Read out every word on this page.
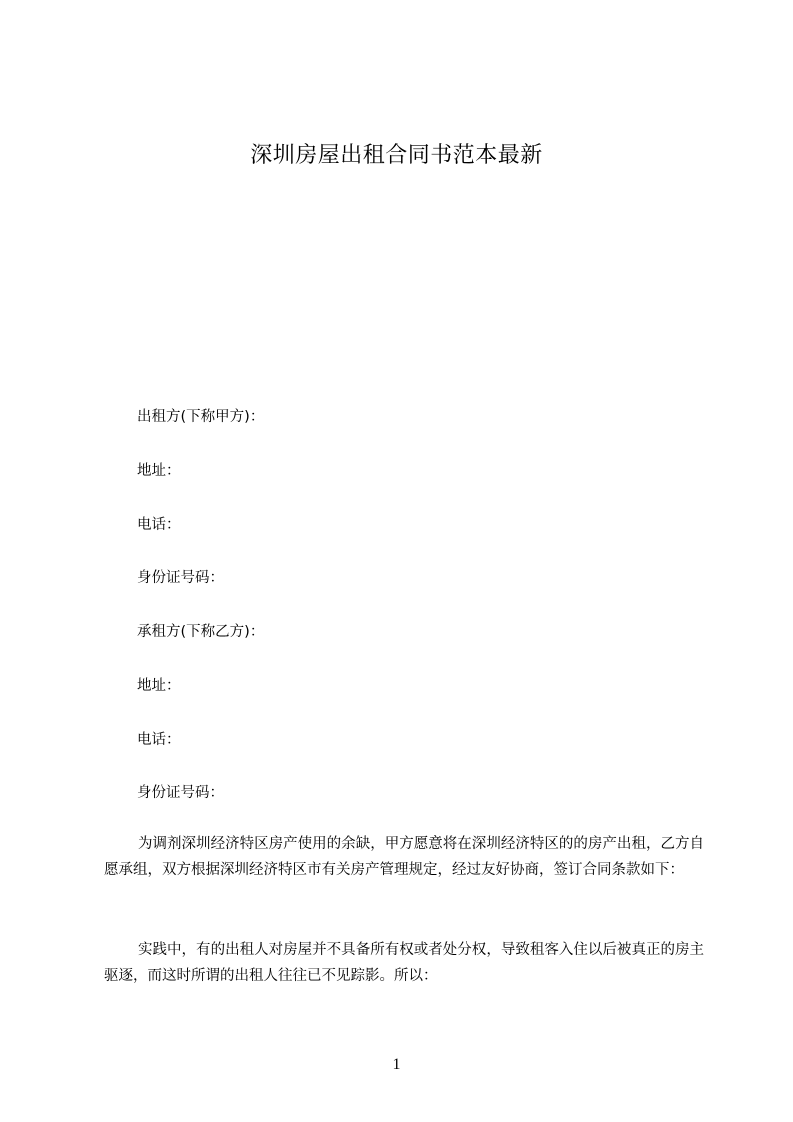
深圳房屋出租合同书范本最新
出租方(下称甲方)：
地址：
电话：
身份证号码：
承租方(下称乙方)：
地址：
电话：
身份证号码：

为调剂深圳经济特区房产使用的余缺，甲方愿意将在深圳经济特区的的房产出租，乙方自愿承组，双方根据深圳经济特区市有关房产管理规定，经过友好协商，签订合同条款如下：

实践中，有的出租人对房屋并不具备所有权或者处分权，导致租客入住以后被真正的房主驱逐，而这时所谓的出租人往往已不见踪影。所以：

1
